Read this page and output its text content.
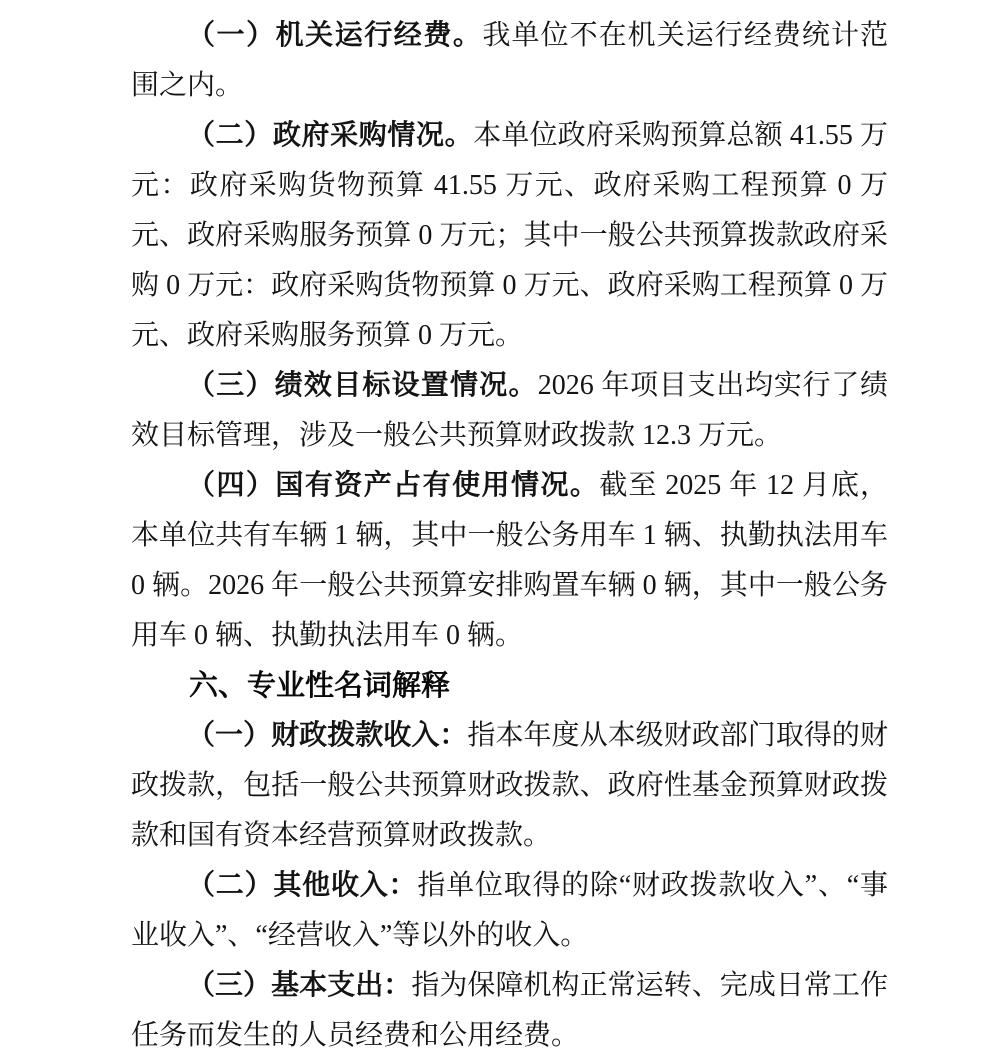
（一）机关运行经费。我单位不在机关运行经费统计范围之内。

（二）政府采购情况。本单位政府采购预算总额 41.55 万元：政府采购货物预算 41.55 万元、政府采购工程预算 0 万元、政府采购服务预算 0 万元；其中一般公共预算拨款政府采购 0 万元：政府采购货物预算 0 万元、政府采购工程预算 0 万元、政府采购服务预算 0 万元。

（三）绩效目标设置情况。2026 年项目支出均实行了绩效目标管理，涉及一般公共预算财政拨款 12.3 万元。

（四）国有资产占有使用情况。截至 2025 年 12 月底，本单位共有车辆 1 辆，其中一般公务用车 1 辆、执勤执法用车 0 辆。2026 年一般公共预算安排购置车辆 0 辆，其中一般公务用车 0 辆、执勤执法用车 0 辆。

六、专业性名词解释

（一）财政拨款收入：指本年度从本级财政部门取得的财政拨款，包括一般公共预算财政拨款、政府性基金预算财政拨款和国有资本经营预算财政拨款。

（二）其他收入：指单位取得的除“财政拨款收入”、“事业收入”、“经营收入”等以外的收入。

（三）基本支出：指为保障机构正常运转、完成日常工作任务而发生的人员经费和公用经费。
